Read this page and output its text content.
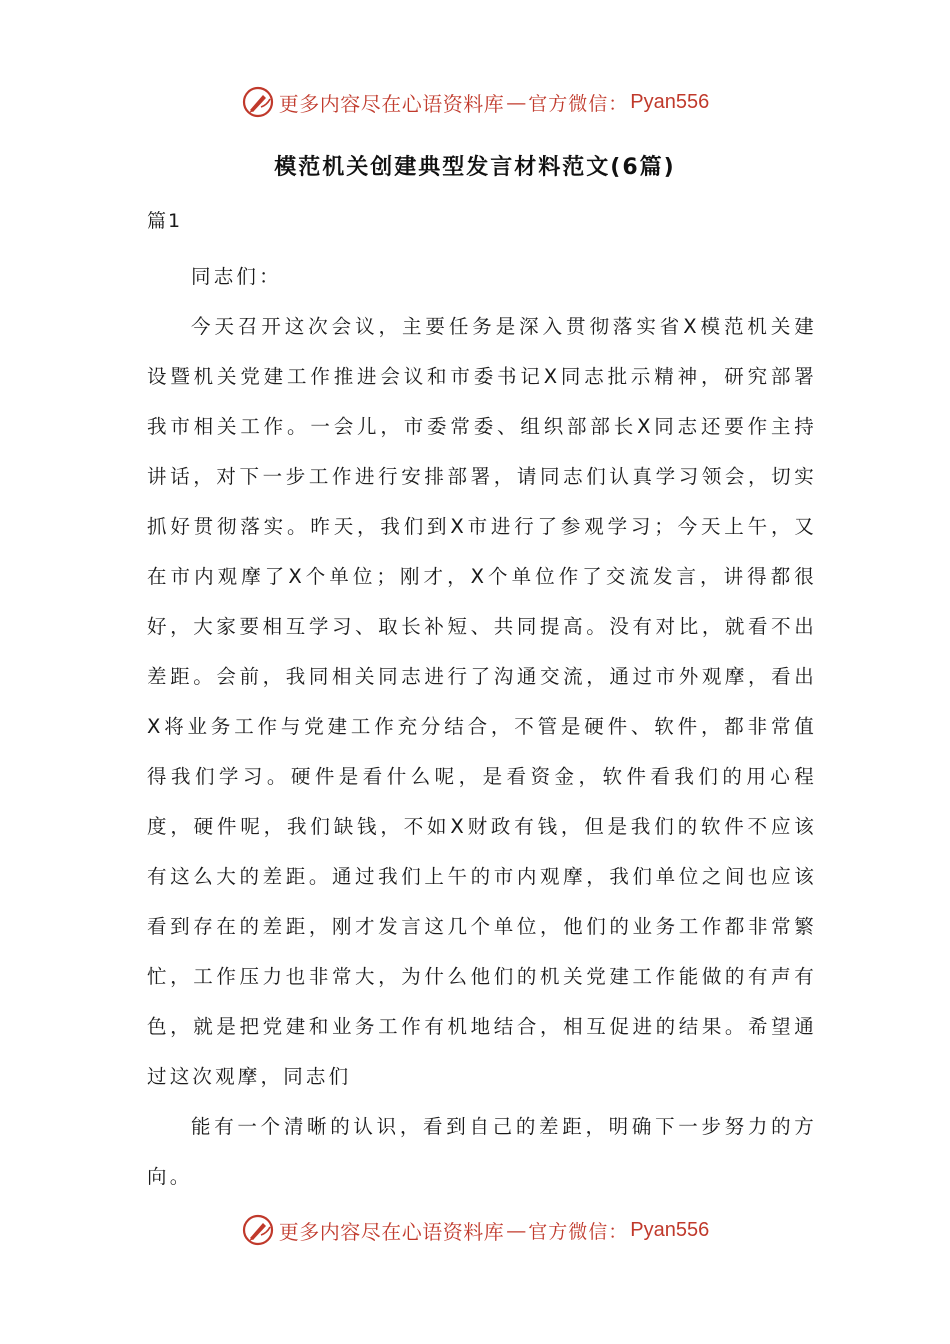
更多内容尽在心语资料库 — 官方微信： Pyan556
模范机关创建典型发言材料范文(6篇)
篇1

同志们：

今天召开这次会议，主要任务是深入贯彻落实省X模范机关建设暨机关党建工作推进会议和市委书记X同志批示精神，研究部署我市相关工作。一会儿，市委常委、组织部部长X同志还要作主持讲话，对下一步工作进行安排部署，请同志们认真学习领会，切实抓好贯彻落实。昨天，我们到X市进行了参观学习；今天上午，又在市内观摩了X个单位；刚才，X个单位作了交流发言，讲得都很好，大家要相互学习、取长补短、共同提高。没有对比，就看不出差距。会前，我同相关同志进行了沟通交流，通过市外观摩，看出X将业务工作与党建工作充分结合，不管是硬件、软件，都非常值得我们学习。硬件是看什么呢，是看资金，软件看我们的用心程度，硬件呢，我们缺钱，不如X财政有钱，但是我们的软件不应该有这么大的差距。通过我们上午的市内观摩，我们单位之间也应该看到存在的差距，刚才发言这几个单位，他们的业务工作都非常繁忙，工作压力也非常大，为什么他们的机关党建工作能做的有声有色，就是把党建和业务工作有机地结合，相互促进的结果。希望通过这次观摩，同志们

能有一个清晰的认识，看到自己的差距，明确下一步努力的方向。

更多内容尽在心语资料库 — 官方微信： Pyan556
